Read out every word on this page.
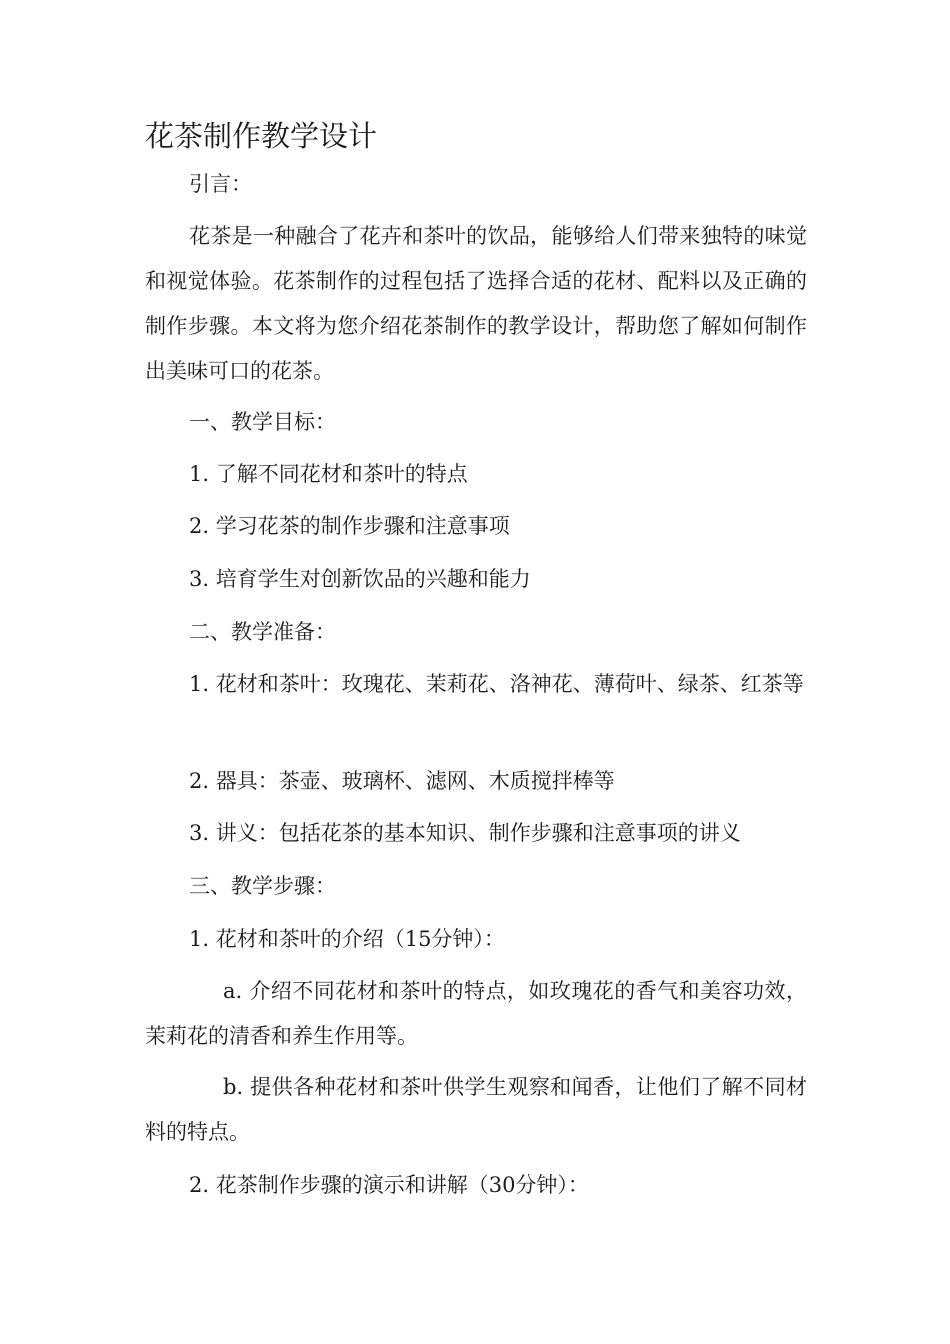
花茶制作教学设计

引言：

花茶是一种融合了花卉和茶叶的饮品，能够给人们带来独特的味觉和视觉体验。花茶制作的过程包括了选择合适的花材、配料以及正确的制作步骤。本文将为您介绍花茶制作的教学设计，帮助您了解如何制作出美味可口的花茶。

一、教学目标：

1. 了解不同花材和茶叶的特点

2. 学习花茶的制作步骤和注意事项

3. 培育学生对创新饮品的兴趣和能力

二、教学准备：

1. 花材和茶叶：玫瑰花、茉莉花、洛神花、薄荷叶、绿茶、红茶等

2. 器具：茶壶、玻璃杯、滤网、木质搅拌棒等

3. 讲义：包括花茶的基本知识、制作步骤和注意事项的讲义

三、教学步骤：

1. 花材和茶叶的介绍（15分钟）：

a. 介绍不同花材和茶叶的特点，如玫瑰花的香气和美容功效，茉莉花的清香和养生作用等。

b. 提供各种花材和茶叶供学生观察和闻香，让他们了解不同材料的特点。

2. 花茶制作步骤的演示和讲解（30分钟）：
